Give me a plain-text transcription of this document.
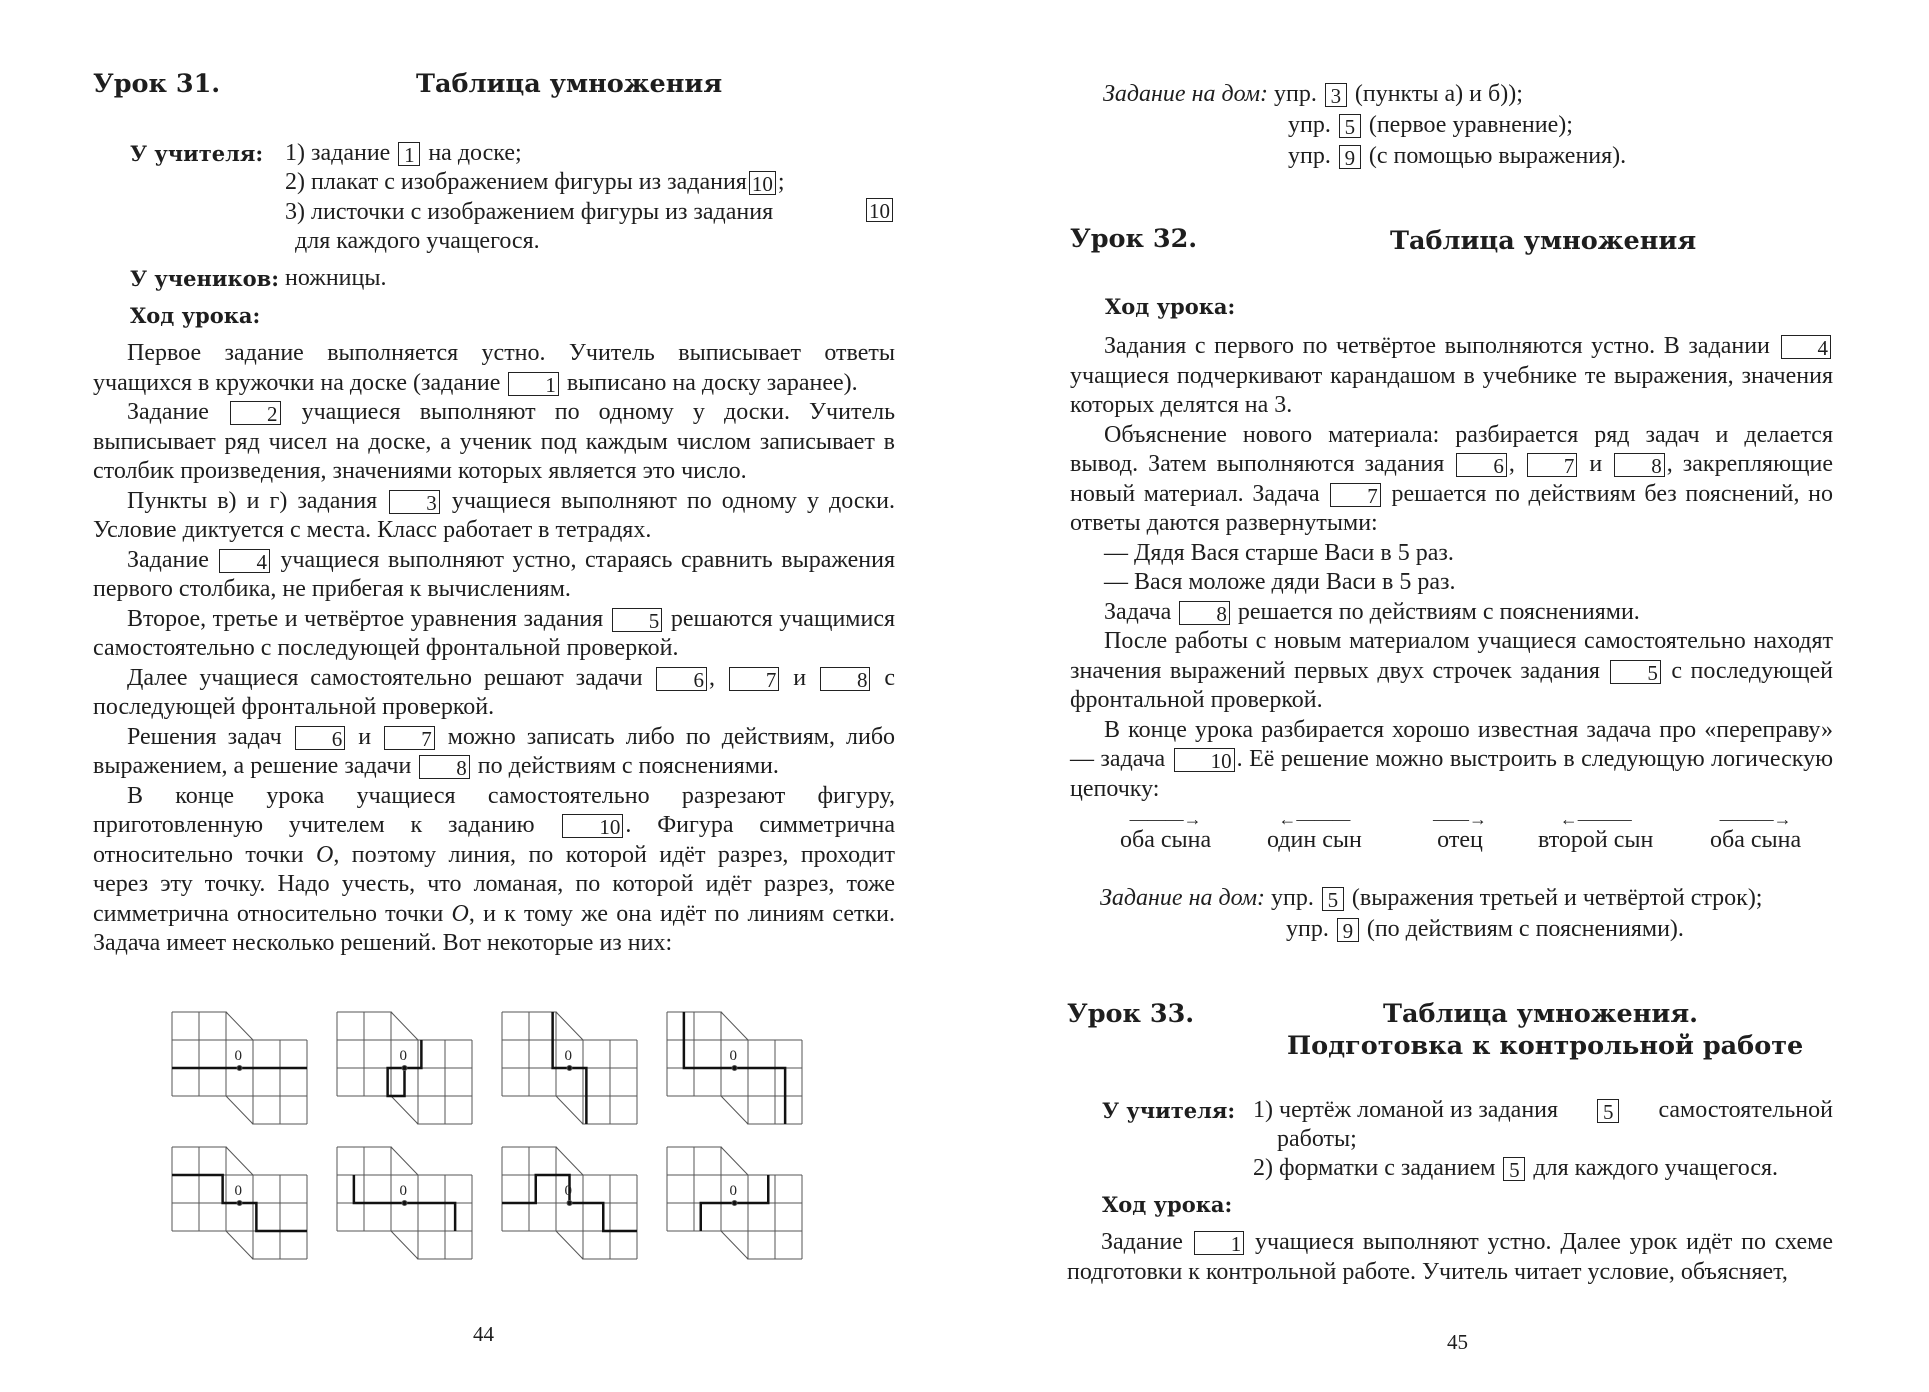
Урок 31.	Таблица умножения
У учителя: 1) задание 1 на доске;
2) плакат с изображением фигуры из задания 10 ;
3) листочки с изображением фигуры из задания	10
для каждого учащегося.
У учеников: ножницы.
Ход урока:

Первое задание выполняется устно. Учитель выписывает ответы учащихся в кружочки на доске (задание 1 выписано на доску заранее).

Задание	2 учащиеся выполняют по одному у доски. Учитель выписывает ряд чисел на доске, а ученик под каждым числом записывает в столбик произведения, значениями которых является это число.

Пункты в) и г) задания 3 учащиеся выполняют по одному у доски. Условие диктуется с места. Класс работает в тетрадях.

Задание 4 учащиеся выполняют устно, стараясь сравнить выражения первого столбика, не прибегая к вычислениям.

Второе, третье и четвёртое уравнения задания 5 решаются учащимися самостоятельно с последующей фронтальной проверкой.

Далее учащиеся самостоятельно решают задачи 6 , 7 и 8 с последующей фронтальной проверкой.

Решения задач 6 и 7 можно записать либо по действиям, либо выражением, а решение задачи 8 по действиям с пояснениями.

В конце урока учащиеся самостоятельно разрезают фигуру, приготовленную учителем к заданию	10 . Фигура симметрична относительно точки O, поэтому линия, по которой идёт разрез, проходит через эту точку. Надо учесть, что ломаная, по которой идёт разрез, тоже симметрична относительно точки O, и к тому же она идёт по линиям сетки. Задача имеет несколько решений. Вот некоторые из них:

0	0	0	0
0	0	0	0
44
Задание на дом: упр. 3 (пункты а) и б));
упр. 5 (первое уравнение);
упр. 9 (с помощью выражения).
Урок 32.	Таблица умножения
Ход урока:

Задания с первого по четвёртое выполняются устно. В задании 4 учащиеся подчеркивают карандашом в учебнике те выражения, значения которых делятся на 3.

Объяснение нового материала: разбирается ряд задач и делается вывод. Затем выполняются задания 6 , 7 и 8 , закрепляющие новый материал. Задача 7 решается по действиям без пояснений, но ответы даются развернутыми:

— Дядя Вася старше Васи в 5 раз.

— Вася моложе дяди Васи в 5 раз.

Задача 8 решается по действиям с пояснениями.

После работы с новым материалом учащиеся самостоятельно находят значения выражений первых двух строчек задания 5 с последующей фронтальной проверкой.

В конце урока разбирается хорошо известная задача про «переправу» — задача 10 . Её решение можно выстроить в следующую логическую цепочку:

———→
оба сына
←———
один сын
——→
отец
←———
второй сын
———→
оба сына
Задание на дом: упр. 5 (выражения третьей и четвёртой строк);
упр. 9 (по действиям с пояснениями).
Урок 33.	Таблица умножения.
Подготовка к контрольной работе
У учителя: 1) чертёж ломаной из задания	5	самостоятельной
работы;
2) форматки с заданием 5 для каждого учащегося.
Ход урока:

Задание 1 учащиеся выполняют устно. Далее урок идёт по схеме подготовки к контрольной работе. Учитель читает условие, объясняет,

45
